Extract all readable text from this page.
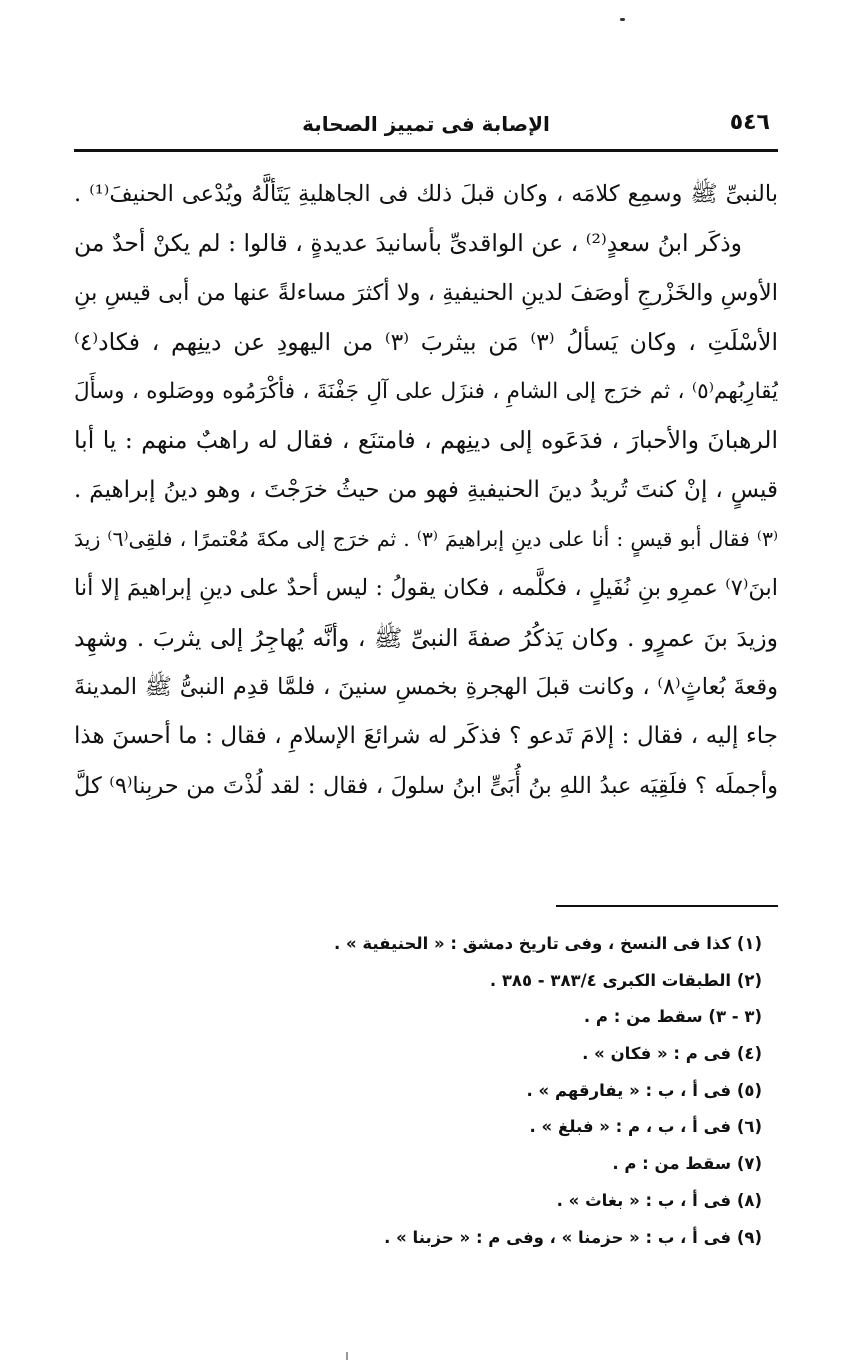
٥٤٦
الإصابة فى تمييز الصحابة
بالنبىِّ ﷺ وسمِع كلامَه ، وكان قبلَ ذلك فى الجاهليةِ يَتَألَّهُ ويُدْعى الحنيفَ⁽¹⁾ .
وذكَر ابنُ سعدٍ⁽²⁾ ، عن الواقدىِّ بأسانيدَ عديدةٍ ، قالوا : لم يكنْ أحدٌ من
الأوسِ والخَزْرجِ أوصَفَ لدينِ الحنيفيةِ ، ولا أكثرَ مساءلةً عنها من أبى قيسِ بنِ
الأسْلَتِ ، وكان يَسألُ ⁽٣⁾ مَن بيثربَ ⁽٣⁾ من اليهودِ عن دينِهم ، فكاد⁽٤⁾
يُقارِبُهم⁽٥⁾ ، ثم خرَج إلى الشامِ ، فنزَل على آلِ جَفْنَةَ ، فأكْرَمُوه ووصَلوه ، وسأَلَ
الرهبانَ والأحبارَ ، فدَعَوه إلى دينِهم ، فامتنَع ، فقال له راهبٌ منهم : يا أبا
قيسٍ ، إنْ كنتَ تُريدُ دينَ الحنيفيةِ فهو من حيثُ خرَجْتَ ، وهو دينُ إبراهيمَ .
⁽٣⁾ فقال أبو قيسٍ : أنا على دينِ إبراهيمَ ⁽٣⁾ . ثم خرَج إلى مكةَ مُعْتمرًا ، فلقِى⁽٦⁾ زيدَ
ابنَ⁽٧⁾ عمرِو بنِ نُفَيلٍ ، فكلَّمه ، فكان يقولُ : ليس أحدٌ على دينِ إبراهيمَ إلا أنا
وزيدَ بنَ عمرٍو . وكان يَذكُرُ صفةَ النبىِّ ﷺ ، وأنَّه يُهاجِرُ إلى يثربَ . وشهِد
وقعةَ بُعاثٍ⁽٨⁾ ، وكانت قبلَ الهجرةِ بخمسِ سنينَ ، فلمَّا قدِم النبىُّ ﷺ المدينةَ
جاء إليه ، فقال : إلامَ تَدعو ؟ فذكَر له شرائعَ الإسلامِ ، فقال : ما أحسنَ هذا
وأجملَه ؟ فلَقِيَه عبدُ اللهِ بنُ أُبَىٍّ ابنُ سلولَ ، فقال : لقد لُذْتَ من حربِنا⁽٩⁾ كلَّ
(١) كذا فى النسخ ، وفى تاريخ دمشق : « الحنيفية » .
(٢) الطبقات الكبرى ٣٨٣/٤ - ٣٨٥ .
(٣ - ٣) سقط من : م .
(٤) فى م : « فكان » .
(٥) فى أ ، ب : « يفارقهم » .
(٦) فى أ ، ب ، م : « فبلغ » .
(٧) سقط من : م .
(٨) فى أ ، ب : « بغاث » .
(٩) فى أ ، ب : « حزمنا » ، وفى م : « حزبنا » .
